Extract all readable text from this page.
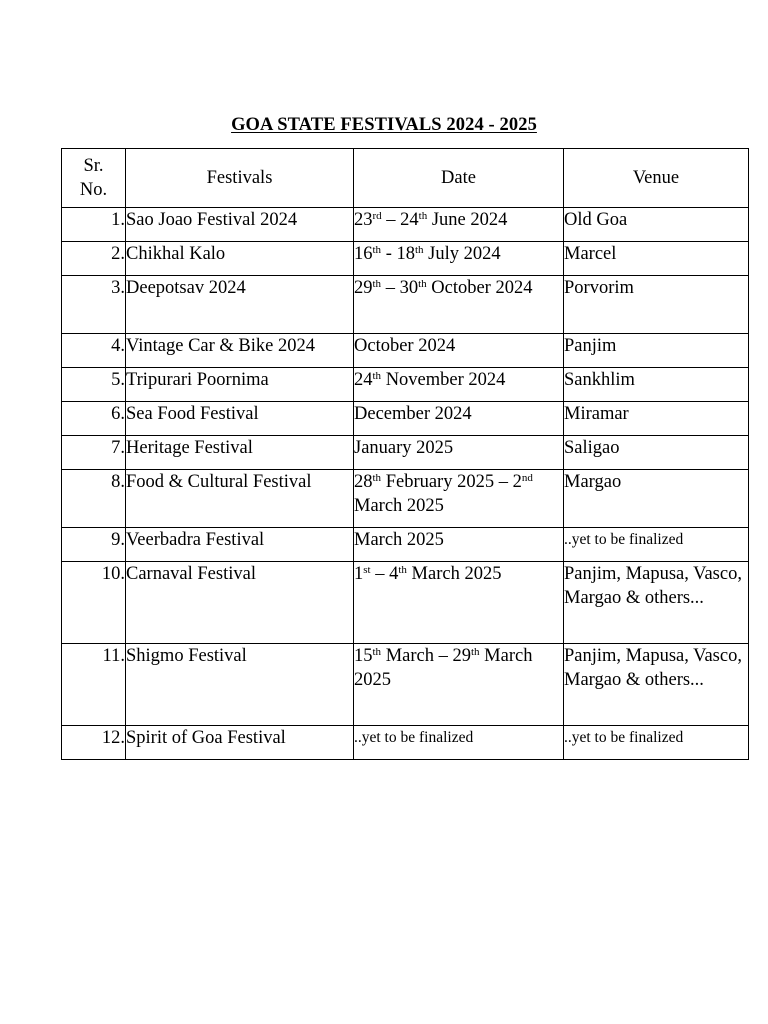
GOA STATE FESTIVALS 2024 - 2025
Sr. No.	Festivals	Date	Venue
1.	Sao Joao Festival 2024	23rd – 24th June 2024	Old Goa
2.	Chikhal Kalo	16th - 18th July 2024	Marcel
3.	Deepotsav 2024	29th – 30th October 2024	Porvorim
4.	Vintage Car & Bike 2024	October 2024	Panjim
5.	Tripurari Poornima	24th November 2024	Sankhlim
6.	Sea Food Festival	December 2024	Miramar
7.	Heritage Festival	January 2025	Saligao
8.	Food & Cultural Festival	28th February 2025 – 2nd March 2025	Margao
9.	Veerbadra Festival	March 2025	..yet to be finalized
10.	Carnaval Festival	1st – 4th March 2025	Panjim, Mapusa, Vasco, Margao & others...
11.	Shigmo Festival	15th March – 29th March 2025	Panjim, Mapusa, Vasco, Margao & others...
12.	Spirit of Goa Festival	..yet to be finalized	..yet to be finalized
